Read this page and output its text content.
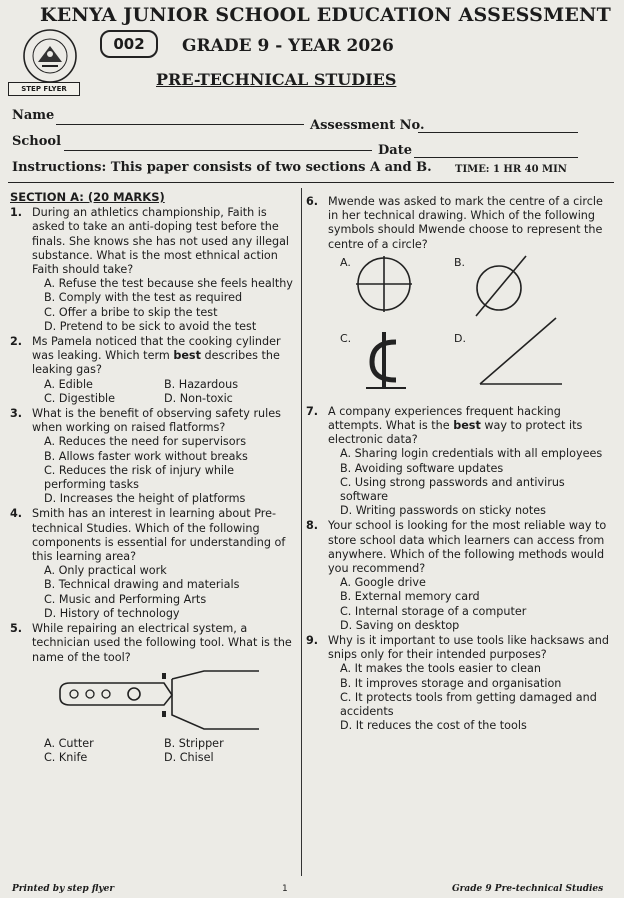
KENYA JUNIOR SCHOOL EDUCATION ASSESSMENT
002	GRADE 9 - YEAR 2026
STEP FLYER	PRE-TECHNICAL STUDIES
Name
Assessment No.
School
Date
Instructions: This paper consists of two sections A and B. TIME: 1 HR 40 MIN
SECTION A: (20 MARKS)
1. During an athletics championship, Faith is asked to take an anti-doping test before the finals. She knows she has not used any illegal substance. What is the most ethnical action Faith should take?
A. Refuse the test because she feels healthy
B. Comply with the test as required
C. Offer a bribe to skip the test
D. Pretend to be sick to avoid the test
2. Ms Pamela noticed that the cooking cylinder was leaking. Which term best describes the leaking gas?
A. Edible	B. Hazardous
C. Digestible	D. Non-toxic
3. What is the benefit of observing safety rules when working on raised flatforms?
A. Reduces the need for supervisors
B. Allows faster work without breaks
C. Reduces the risk of injury while performing tasks
D. Increases the height of platforms
4. Smith has an interest in learning about Pre-technical Studies. Which of the following components is essential for understanding of this learning area?
A. Only practical work
B. Technical drawing and materials
C. Music and Performing Arts
D. History of technology
5. While repairing an electrical system, a technician used the following tool. What is the name of the tool?
A. Cutter	B. Stripper
C. Knife	D. Chisel
6. Mwende was asked to mark the centre of a circle in her technical drawing. Which of the following symbols should Mwende choose to represent the centre of a circle?
A.	B.
C.	D.
7. A company experiences frequent hacking attempts. What is the best way to protect its electronic data?
A. Sharing login credentials with all employees
B. Avoiding software updates
C. Using strong passwords and antivirus software
D. Writing passwords on sticky notes
8. Your school is looking for the most reliable way to store school data which learners can access from anywhere. Which of the following methods would you recommend?
A. Google drive
B. External memory card
C. Internal storage of a computer
D. Saving on desktop
9. Why is it important to use tools like hacksaws and snips only for their intended purposes?
A. It makes the tools easier to clean
B. It improves storage and organisation
C. It protects tools from getting damaged and accidents
D. It reduces the cost of the tools
Printed by step flyer	1	Grade 9 Pre-technical Studies
